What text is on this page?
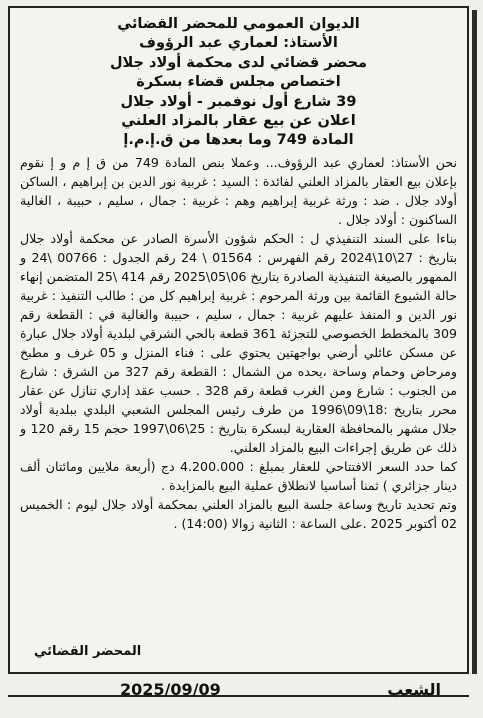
الديوان العمومي للمحضر القضائي
الأستاذ: لعماري عبد الرؤوف
محضر قضائي لدى محكمة أولاد جلال
اختصاص مجلس قضاء بسكرة
39 شارع أول نوفمبر - أولاد جلال
اعلان عن بيع عقار بالمزاد العلني
المادة 749 وما بعدها من ق.إ.م.إ

نحن الأستاذ: لعماري عبد الرؤوف... وعملا بنص المادة 749 من ق إ م و إ نقوم بإعلان بيع العقار بالمزاد العلني لفائدة : السيد : غربية نور الدين بن إبراهيم ، الساكن أولاد جلال . ضد : ورثة غربية إبراهيم وهم : غربية : جمال ، سليم ، حبيبة ، الغالية الساكنون : أولاد جلال .

بناءا على السند التنفيذي ل : الحكم شؤون الأسرة الصادر عن محكمة أولاد جلال بتاريخ : 27\10\2024 رقم الفهرس : 01564 \ 24 رقم الجدول : 00766 \24 و الممهور بالصيغة التنفيذية الصادرة بتاريخ 06\05\2025 رقم 414 \25 المتضمن إنهاء حالة الشيوع القائمة بين ورثة المرحوم : غربية إبراهيم كل من : طالب التنفيذ : غربية نور الدين و المنفذ عليهم غربية : جمال ، سليم ، حبيبة والغالية في : القطعة رقم 309 بالمخطط الخصوصي للتجزئة 361 قطعة بالحي الشرقي لبلدية أولاد جلال عبارة عن مسكن عائلي أرضي بواجهتين يحتوي على : فناء المنزل و 05 غرف و مطبخ ومرحاض وحمام وساحة ،يحده من الشمال : القطعة رقم 327 من الشرق : شارع من الجنوب : شارع ومن الغرب قطعة رقم 328 . حسب عقد إداري تنازل عن عقار محرر بتاريخ :18\09\1996 من طرف رئيس المجلس الشعبي البلدي ببلدية أولاد جلال مشهر بالمحافظة العقارية لبسكرة بتاريخ : 25\06\1997 حجم 15 رقم 120 و ذلك عن طريق إجراءات البيع بالمزاد العلني.

كما حدد السعر الافتتاحي للعقار بمبلغ : 4.200.000 دج (أربعة ملايين ومائتان ألف دينار جزائري ) ثمنا أساسيا لانطلاق عملية البيع بالمزايدة .

وتم تحديد تاريخ وساعة جلسة البيع بالمزاد العلني بمحكمة أولاد جلال ليوم : الخميس 02 أكتوبر 2025 .على الساعة : الثانية زوالا (14:00) .

المحضر القضائي
الشعب
2025/09/09
